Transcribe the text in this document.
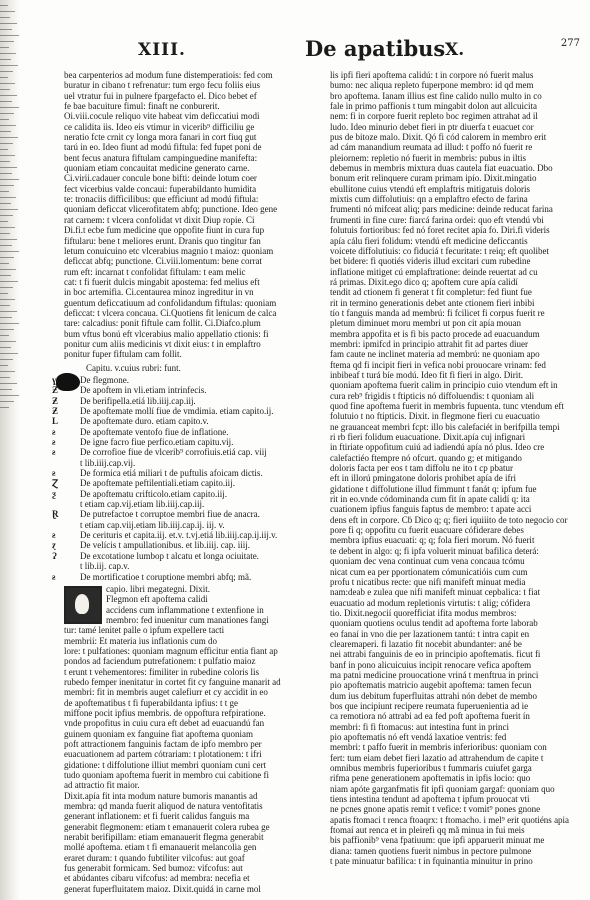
XIII.	De apatibus X.	277
bea carpenterios ad modum fune distemperatiois: fed com
buratur in cibano t refrenatur: tum ergo fecu foliis eius
uel vtratur fui in pulnere fpargefacto el. Dico bebet ef
fe bae bacuiture fimul: finaft ne conburerit.
Oi.viii.cocule reliquo vite habeat vim deficcatiui modi
ce calidita iis. Ideo eis vtimur in vicerib⁹ difficiliu ge
neratio fcte crnit cy longa mora fanari in cort fiuq gut
tarú in eo. Ideo fiunt ad modú fiftula: fed fupet poni de
bent fecus anatura fiftulam campinguedine manifefta:
quoniam etiam concauitat medicine generato carne.
Ci.virii.cadauer concule bone bifti: deinde lotum coer
fect vicerbius valde concaui: fuperabildanto humidita
te: tronaciis difficilibus: que efficiunt ad modú fiftula:
quoniam deficcat vlicerofitatem abfq; punctione. Ideo gene
rat carnem: t vlcera confolidat vt dixit Diup ropie. Ci
Di.fi.t ecbe fum medicine que oppofite fiunt in cura fup
fiftularu: bene t meliores erunt. Dranis quo tingitur fan
letum conuicuino etc vlcerabius magnio t maioz: quoniam
deficcat abfq; punctione. Ci.viii.lomentum: bene corrat
rum eft: incarnat t confolidat fiftulam: t eam melic
cat: t fi fuerit dulcis mingabit apostema: fed melius eft
in boc artemifia. Ci.centaurea minoz ingreditur in vn
guentum deficcatiuum ad confolidandum fiftulas: quoniam
deficcat: t vlcera concaua. Ci.Quotiens fit lenicum de calca
tare: calcadius: ponit fiftule cam follit. Ci.Diafco.plum
bum vftus bonú eft vlcerabius malio appellatio ctionis: fi
ponitur cum aliis medicinis vt dixit eius: t in emplaftro
ponitur fuper fiftulam cam follit.
Capitu. v.cuius rubri: funt.
ɣ	De flegmone.
Ƶ	De apoftem in vli.etiam intrinfecis.
Ƶ	De berifipella.etiá lib.iiij.cap.iij.
Ƶ	De apoftemate mollí fiue de vmdimia. etiam capito.ij.
L	De apoftemate duro. etiam capito.v.
ƨ	De apoftemate ventofo fiue de inflatione.
ƨ	De igne facro fiue perfico.etiam capitu.vij.
ƨ	De corrofioe fiue de vlcerib⁹ corrofiuis.etiá cap. viij
t lib.iiij.cap.vij.
ƨ	De formica etiá miliari t de puftulis afoicam dictis.
Ɀ	De apoftemate peftilentiali.etiam capito.iij.
ƺ	De apoftematu crifticolo.etiam capito.iij.
t etiam cap.vij.etiam lib.iiij.cap.iij.
Ɽ	De putrefactoe t corruptoe membri fiue de anacra.
t etiam cap.viij.etiam lib.iiij.cap.ij. iij. v.
ƨ	De cerituris et capita.iij. et.v. t.vj.etiá lib.iiij.cap.ij.iij.v.
ɀ	De velícis t ampullationibus. et lib.iiij. cap. iiij.
Ɂ	De excotatione lumbop t alcatu et longa ociuitate.
t lib.iij. cap.v.
ƨ	De mortificatioe t coruptione membri abfq; mã.
capio. libri megategni. Dixit.
Flegmon eft apoftema calidi
accidens cum inflammatione t extenfione in
membro: fed inuenitur cum manationes fangi
tur: tamé lenitet palle o ipfum expellere tacti
membrii: Et materia ius inflationis cum do
lore: t pulfationes: quoniam magnum efficitur entia fiant ap
pondos ad faciendum putrefationem: t pulfatio maioz
t erunt t vehementores: fimiliter in rubedine coloris lis
rubedo femper inenitatur in cortet fit cy fanguine manarit ad
membri: fit in membris auget calefiurr et cy accidit in eo
de apoftematibus t fi fuperabildanta ipfius: t t ge
miffone pocit ipfius membris. de oppoftura refpiratione.
vnde propofitus in cuiu cura eft debet ad euacuandú fan
guinem quoniam ex fanguine fiat apoftema quoniam
poft attractionem fanguinis factam de ipfo membro per
euacuationem ad partem cótrariam: t plotationem: t ifri
gidatione: t diffolutione illiut membri quoniam cuni cert
tudo quoniam apoftema fuerit in membro cui cabitione fi
ad attractio fit maior.
Dixit.apía fit inta modum nature bumoris manantis ad
membra: qd manda fuerit aliquod de natura ventofitatis
generant inflationem: et fi fuerit calidus fanguis ma
generabit flegmonem: etiam t emanauerit colera rubea ge
nerabit berifipillam: etiam emanauerit flegma generabit
mollé apoftema. etiam t fi emanauerit melancolia gen
eraret duram: t quando fubtiliter vilcofus: aut goaf
fus generabit formicam. Sed bumoz: vifcofus: aut
et abúdantes cibaru vifcofus: ad membra: necefia et
generat fuperfluitatem maioz. Dixit.quidá in carne mol
lis ipfi fieri apoftema calidú: t in corpore nó fuerit malus
bumo: nec aliqua repleto fuperpone membro: id qd mem
bro apoftema. Ianam illius est fine calido nullo multo in co
fale in primo paffionis t tum mingabit dolon aut allcuicita
nem: fi in corpore fuerit repleto boc regimen attrahat ad il
ludo. Ideo minurio debet fieri in ptr diuerfa t euacuet cor
pus de bitoze malo. Dixit. Qó fi cód calorem in membro erit
ad cám manandium reumata ad illud: t poffo nó fuerit re
pleiornem: repletio nó fuerit in membris: pubus in iltis
debemus in membris mixtura duas cautela fiat euacuatio. Dbo
bonum erit relinquere curam primam ipío. Dixit.mingatio
ebullitone cuius vtendú eft emplaftris mitigatuis doloris
mixtis cum diffolutiuis: qn a emplaftro efecto de farina
frumenti nó mifceat aliq; pars medicine: deinde reducat farina
frumenti in fine cure: fiarcá farina ordei: quo eft vtendú vbi
folutuis fortioribus: fed nó foret recitet apía fo. Diri.fi videris
apía cálu fieri folidum: vtendú eft medicine deficcantis
voicete diffolutiuis: co fiduciá t fecuritate: t reiq; eft quolibet
bet bidere: fi quotiés videris illud excitari cum rubedine
inflatione mitiget cú emplaftratione: deinde reuertat ad cu
rá primas. Dixit.ego dico q; apoftem cure apía calidí
tendit ad ctionem fi generat t fit completur: fed fiunt fue
rit in termino generationis debet ante ctionem fieri inbibi
tío t fanguis manda ad membrú: fi fcilicet fi corpus fuerit re
pletum diminuet moru membri ut pon cit apía mouan
membra appofita et is fi bis pacto procede ad euacuandum
membri: ipmifcd in principio attrahit fit ad partes diuer
fam caute ne inclinet materia ad membrú: ne quoniam apo
ftema qd fi incipit fieri in vefica nobi prouocare vrinam: fed
inbibeaf t turá bíe modú. Ideo fit fi fieri in algo. Dirit.
quoniam apoftema fuerit calim in principio cuio vtendum eft in
cura reb⁹ frigidis t ftipticis nó diffoluendis: t quoniam ali
quod fine apoftema fuerit in membris fupuenta. tunc vtendum eft
folutuio t no ftipticis. Dixit. in flegmone fieri cu euacuatio
ne grauanceat membri fcpt: illo bis calefaciét in berifpilla tempi
ri rb fieri folidum euacuatione. Dixit.apía cuj infignari
in ftiriate oppofitum cuiú ad iadiendú apía nó plus. Ideo cre
calefactiéo ftempre nó ofcurt. quando g; et mitigando
doloris facta per eos t tam diffolu ne ito t cp pbatur
eft in illorú pmingatone doloris prohibet apía de ifri
gidatione t diffolutione illud fimmunt t fanát q: ipfum fue
rit in eo.vnde códominanda cum fit ín apate calidí q: ita
cuationem ipfius fanguis faptus de membro: t apate acci
dens eft in corpore. Cḃ Dico q; q; fieri iquiiito de toto negocio cor
pore fi q; oppofitu cu fuerit euacuare cófiderare debes
membra ipfius euacuati: q; q; fola fieri morum. Nó fuerit
te debent in algo: q; fi ipfa voluerit minuat bafilica deterá:
quoniam dec vena continuat cum vena concaua tcómu
nicat cum ea per pportionatem cómunicatióis cum cum
profu t nicatibus recte: que nifi manifeft minuat media
nam:deab e zulea que nifi manifeft minuat cepbalica: t fiat
euacuatio ad modum repletionis virtutis: t alig; cófidera
tio. Dixit.negocií quorefficiat ifita modus membros:
quoniam quotiens oculus tendit ad apoftema forte laborab
eo fanaí in vno die per lazationem tantú: t intra capit en
clearemaperi. fi lazatio fit nocebit abundanter: ané be
nei attrabi fanguinis de eo in principio apoftematis. ficut fi
banf in pono alicuicuius incipit renocare vefica apoftem
ma patni medicine prouocatione vriná t menftrua in princi
pio apoftematis matricio augebit apoftema: tamen fecun
dum ius debitum fuperfluitas attrahi nón debet de membo
bos que incipiunt recipere reumata fuperuenientia ad ie
ca remotiora nó attrabi ad ea fed poft apoftema fuerit ín
membri: fi fi ftomacus: aut intestina funt in princi
pio apoftematis nó eft vendá laxatioe ventris: fed
membri: t paffo fuerit in membris inferioribus: quoniam con
fert: tum eiam debet fieri lazatio ad attrahendum de capite t
omnibus membris fuperioribus t fummaris cuiufet garga
rifma pene generationem apoftematis in ipfis locio: quo
niam apóte garganfmatis fit ipfi quoniam gargaf: quoniam quo
tiens intestina tendunt ad apoftema t ipfum prouocat vti
ne pcnes gnone apatis remit t vefice: t vomit⁹ pones gnone
apatis ftomaci t renca ftoaqrx: t ftomacho. i mel⁹ erit quotiéns apia
ftomaí aut renca et in pleirefi qq mã minua in fui meis
bis paffionib⁹ vena fpatiuum: que ipfi apparuerit minuat me
diana: tamen quotiens fuerit nimbus in pectore pulmone
t pate minuatur bafilica: t in fquinantia minuitur in prino
